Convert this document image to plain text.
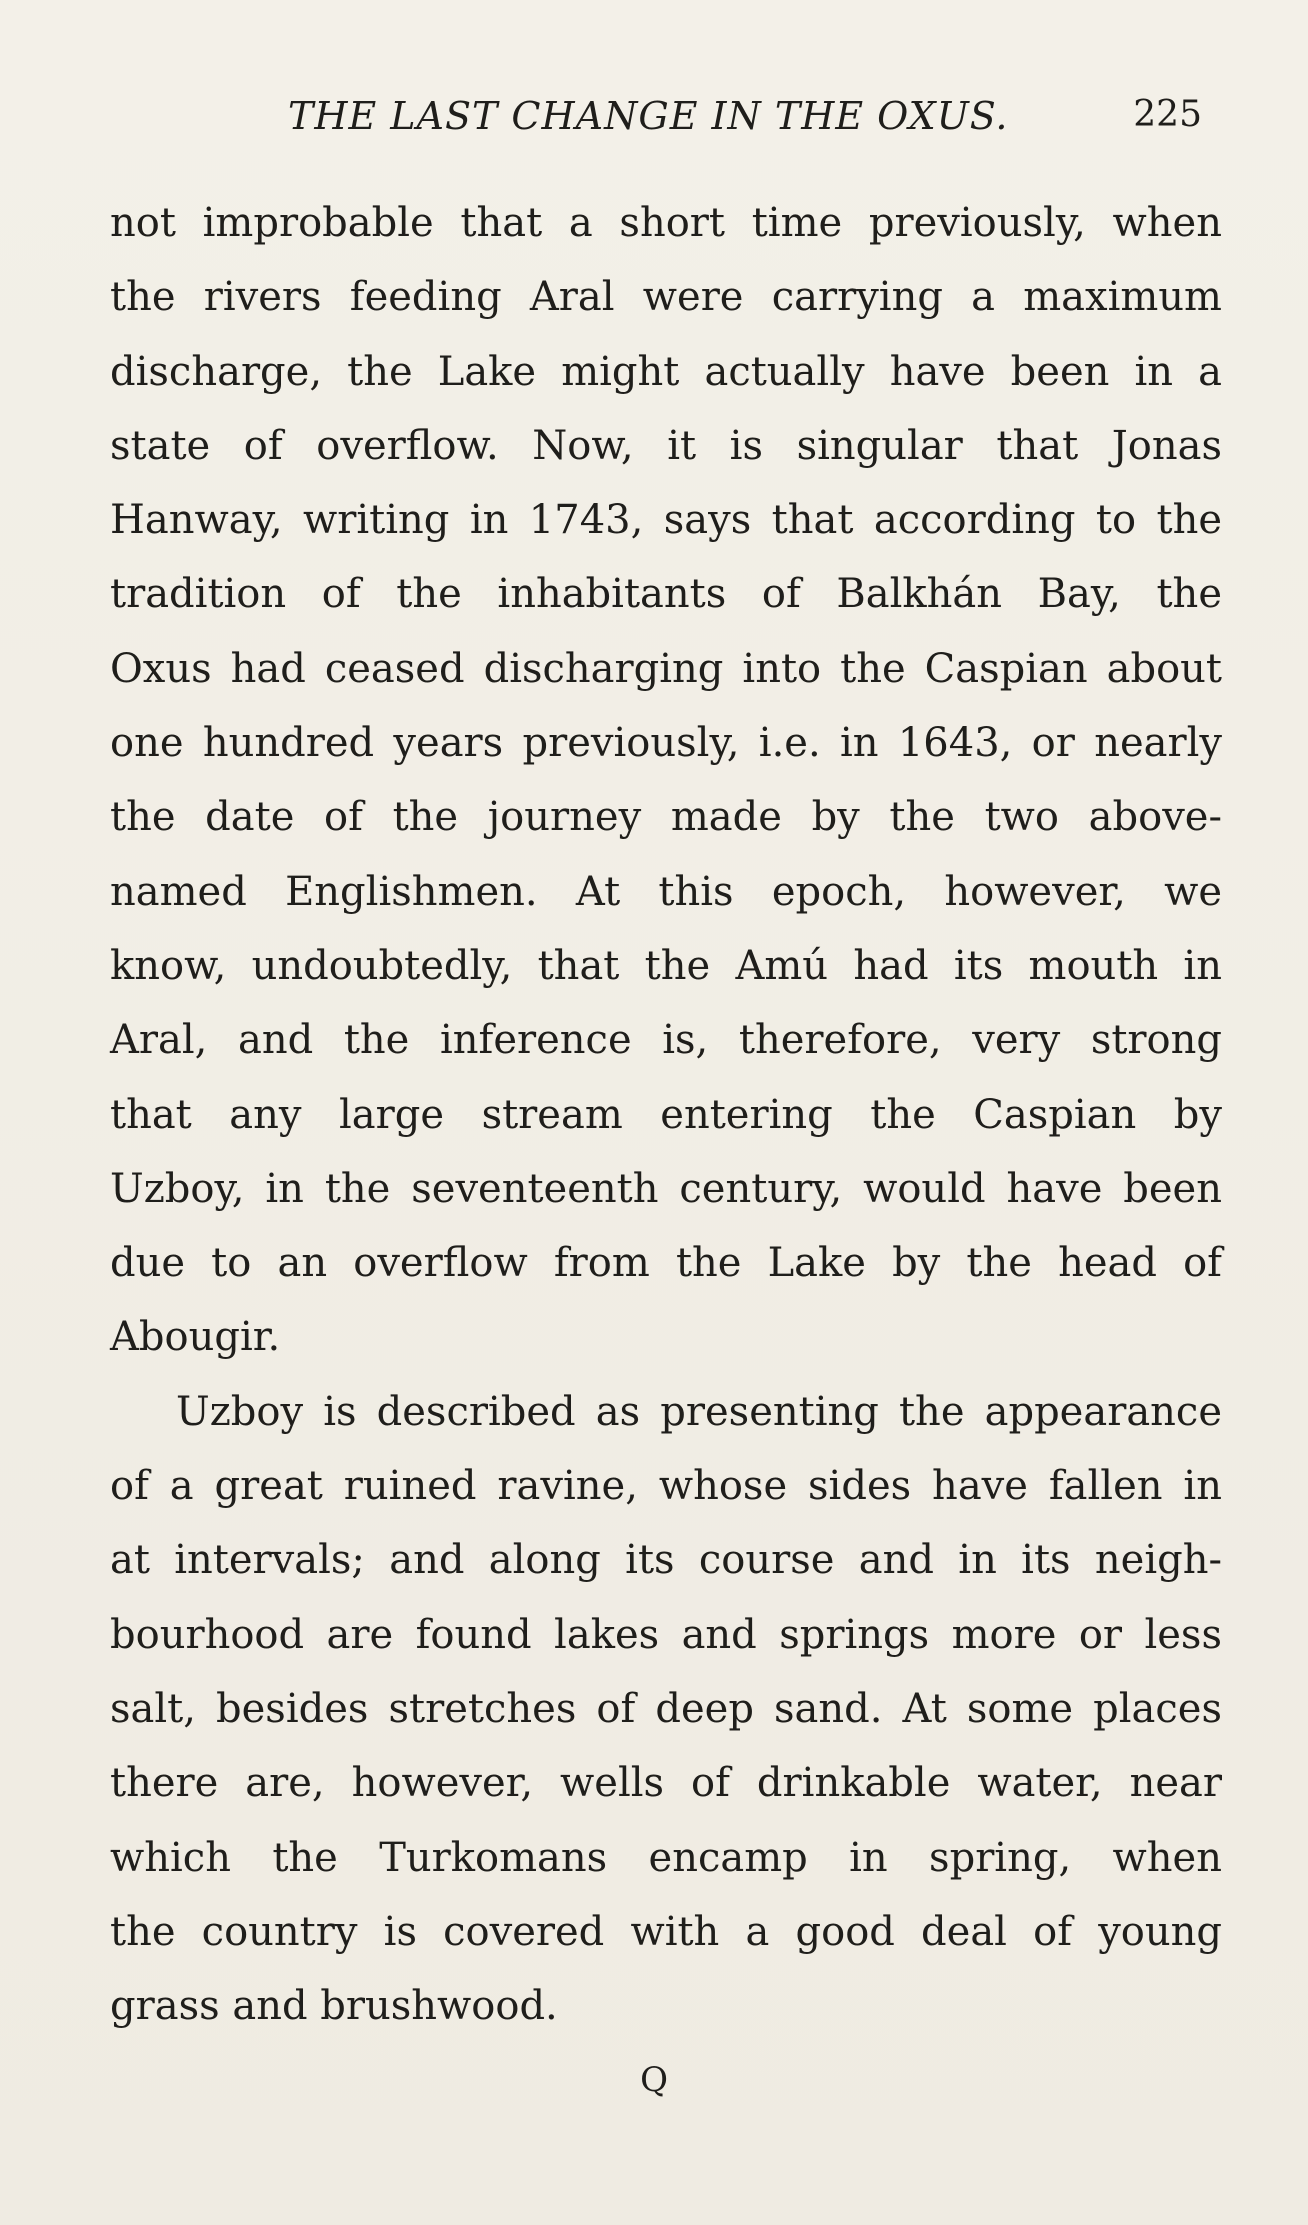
THE LAST CHANGE IN THE OXUS.	225
not improbable that a short time previously, when
the rivers feeding Aral were carrying a maximum
discharge, the Lake might actually have been in a
state of overflow. Now, it is singular that Jonas
Hanway, writing in 1743, says that according to the
tradition of the inhabitants of Balkhán Bay, the
Oxus had ceased discharging into the Caspian about
one hundred years previously, i.e. in 1643, or nearly
the date of the journey made by the two above-
named Englishmen. At this epoch, however, we
know, undoubtedly, that the Amú had its mouth in
Aral, and the inference is, therefore, very strong
that any large stream entering the Caspian by
Uzboy, in the seventeenth century, would have been
due to an overflow from the Lake by the head of
Abougir.
Uzboy is described as presenting the appearance
of a great ruined ravine, whose sides have fallen in
at intervals; and along its course and in its neigh-
bourhood are found lakes and springs more or less
salt, besides stretches of deep sand. At some places
there are, however, wells of drinkable water, near
which the Turkomans encamp in spring, when
the country is covered with a good deal of young
grass and brushwood.
Q
